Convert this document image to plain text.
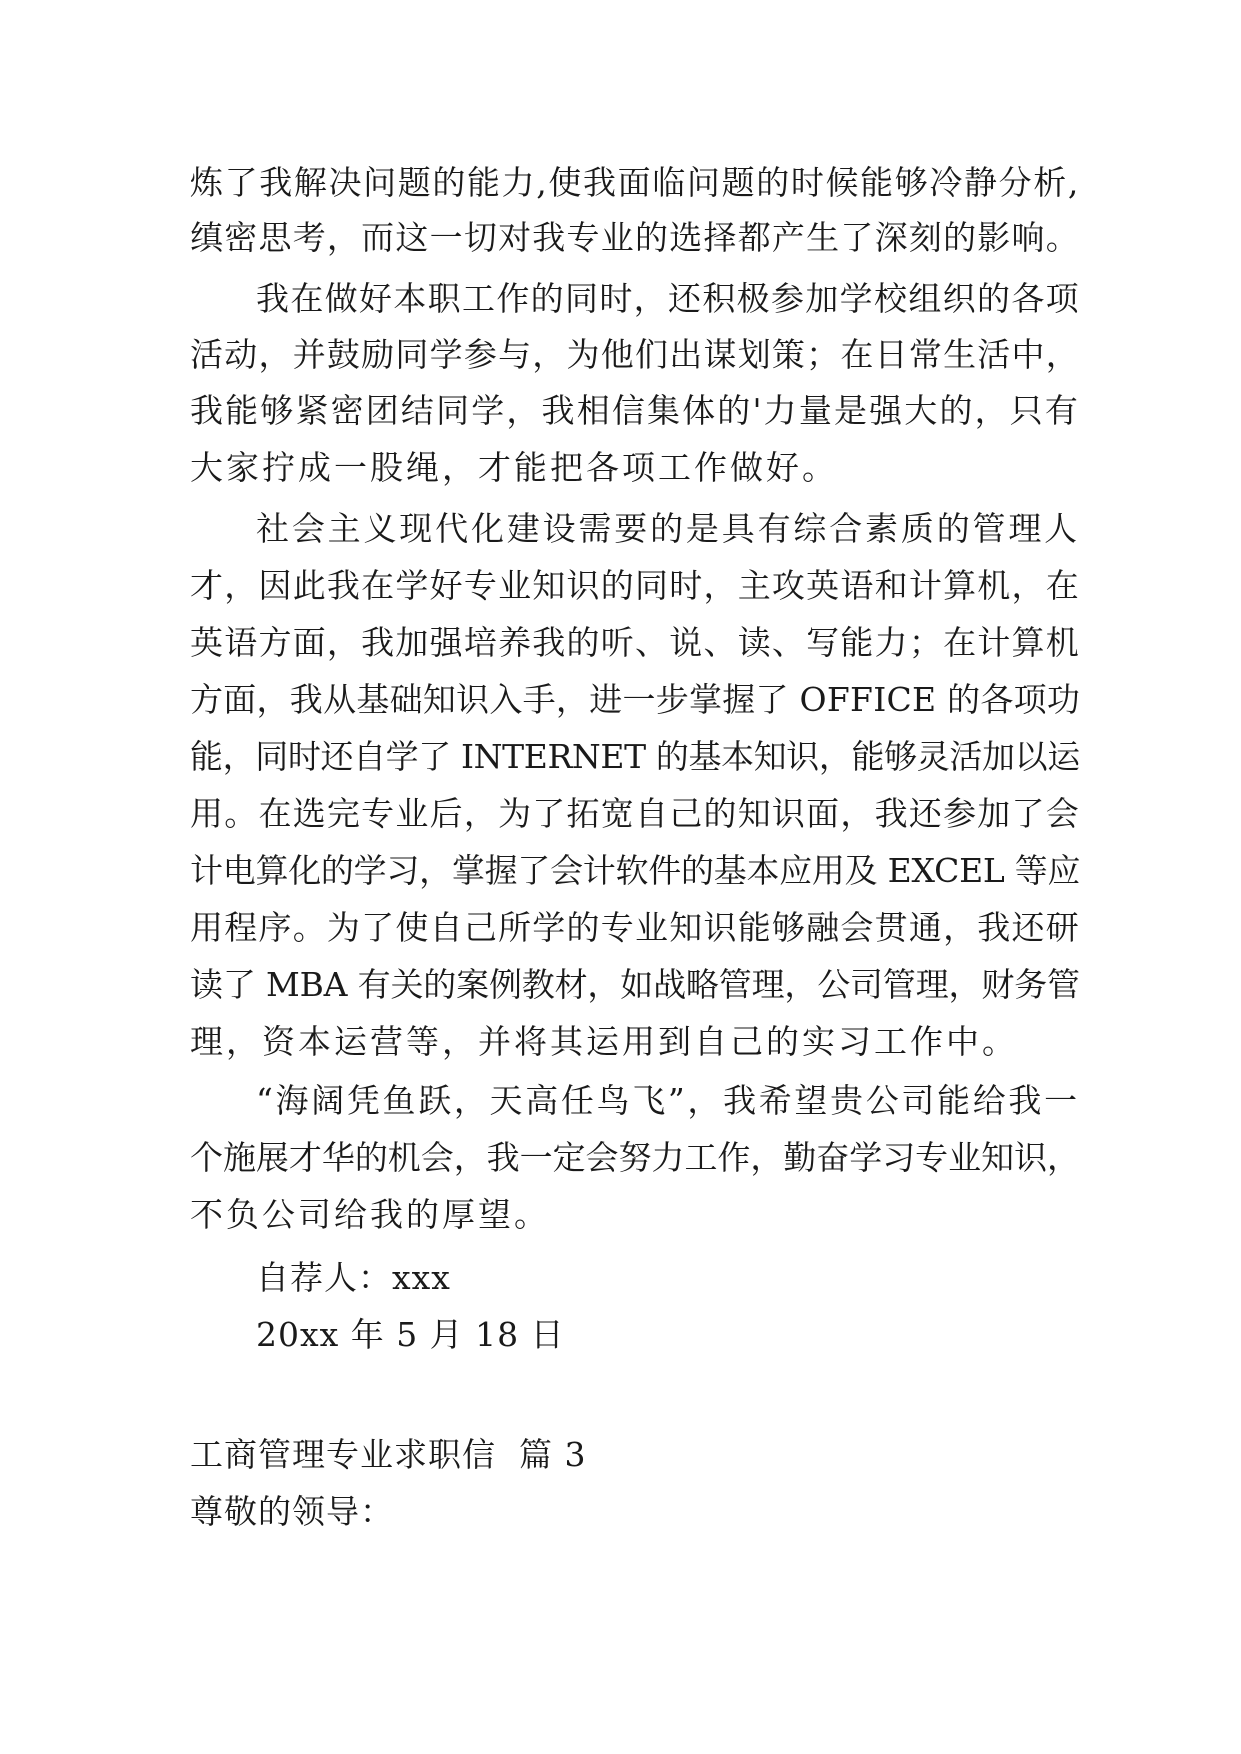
炼了我解决问题的能力,使我面临问题的时候能够冷静分析,
缜密思考，而这一切对我专业的选择都产生了深刻的影响。
我在做好本职工作的同时，还积极参加学校组织的各项
活动，并鼓励同学参与，为他们出谋划策；在日常生活中，
我能够紧密团结同学，我相信集体的'力量是强大的，只有
大家拧成一股绳，才能把各项工作做好。
社会主义现代化建设需要的是具有综合素质的管理人
才，因此我在学好专业知识的同时，主攻英语和计算机，在
英语方面，我加强培养我的听、说、读、写能力；在计算机
方面，我从基础知识入手，进一步掌握了 OFFICE 的各项功
能，同时还自学了 INTERNET 的基本知识，能够灵活加以运
用。在选完专业后，为了拓宽自己的知识面，我还参加了会
计电算化的学习，掌握了会计软件的基本应用及 EXCEL 等应
用程序。为了使自己所学的专业知识能够融会贯通，我还研
读了 MBA 有关的案例教材，如战略管理，公司管理，财务管
理，资本运营等，并将其运用到自己的实习工作中。
“海阔凭鱼跃，天高任鸟飞”，我希望贵公司能给我一
个施展才华的机会，我一定会努力工作，勤奋学习专业知识，
不负公司给我的厚望。
自荐人：xxx
20xx 年 5 月 18 日
工商管理专业求职信  篇 3
尊敬的领导：
